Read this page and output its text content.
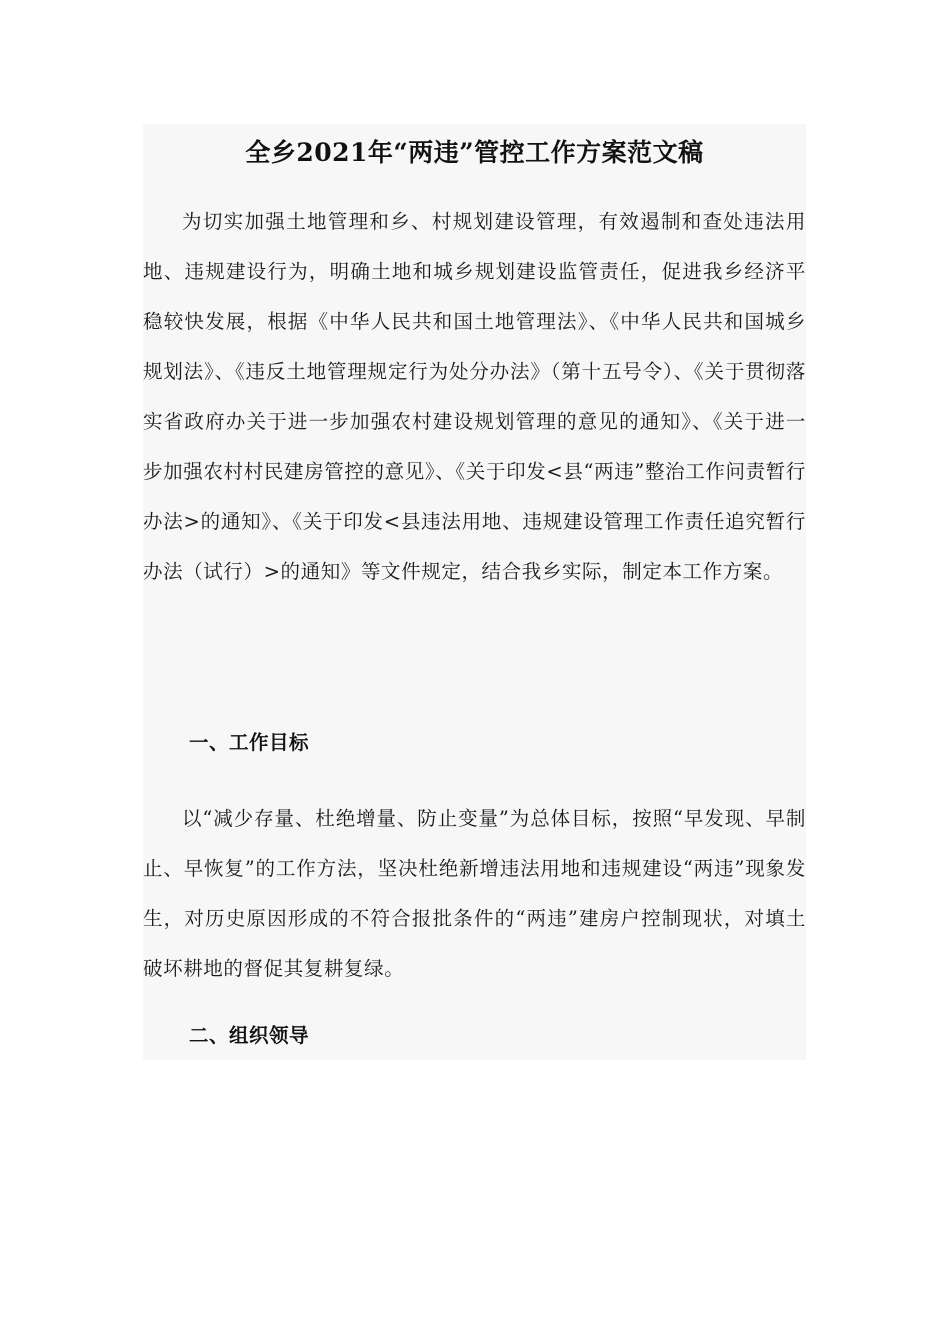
全乡2021年“两违”管控工作方案范文稿

为切实加强土地管理和乡、村规划建设管理，有效遏制和查处违法用地、违规建设行为，明确土地和城乡规划建设监管责任，促进我乡经济平稳较快发展，根据《中华人民共和国土地管理法》、《中华人民共和国城乡规划法》、《违反土地管理规定行为处分办法》（第十五号令）、《关于贯彻落实省政府办关于进一步加强农村建设规划管理的意见的通知》、《关于进一步加强农村村民建房管控的意见》、《关于印发<县“两违”整治工作问责暂行办法>的通知》、《关于印发<县违法用地、违规建设管理工作责任追究暂行办法（试行）>的通知》等文件规定，结合我乡实际，制定本工作方案。

一、工作目标

以“减少存量、杜绝增量、防止变量”为总体目标，按照“早发现、早制止、早恢复”的工作方法，坚决杜绝新增违法用地和违规建设“两违”现象发生，对历史原因形成的不符合报批条件的“两违”建房户控制现状，对填土破坏耕地的督促其复耕复绿。

二、组织领导
